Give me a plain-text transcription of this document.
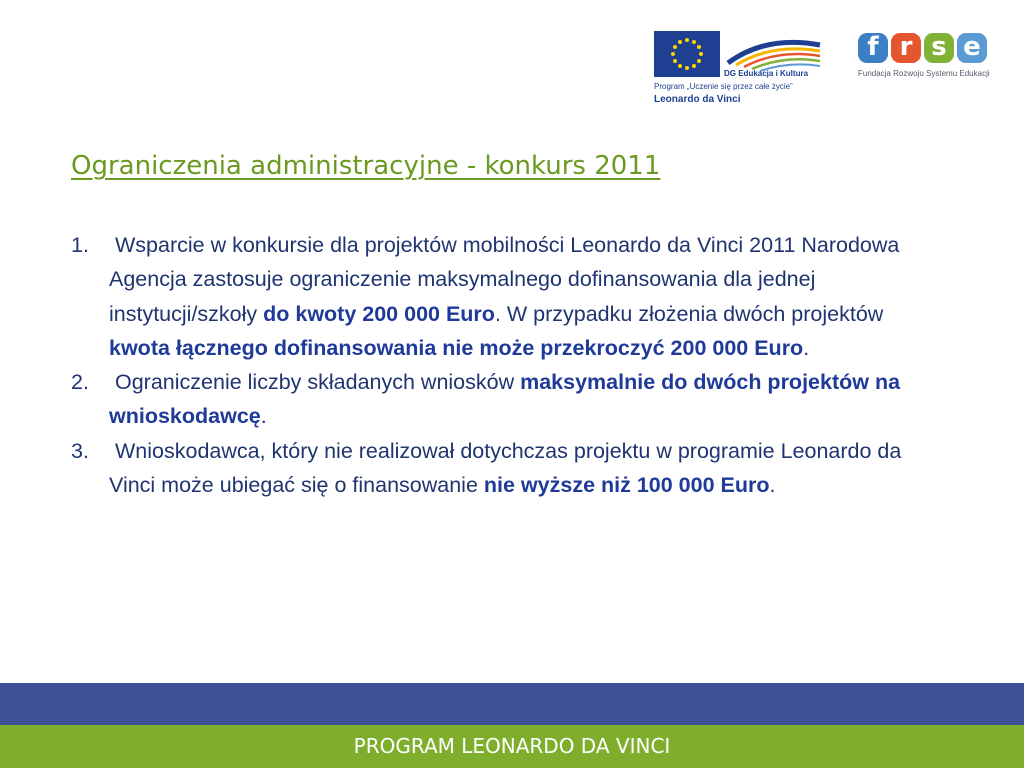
DG Edukacja i Kultura
Program „Uczenie się przez całe życie”
Leonardo da Vinci
f r s e
Fundacja Rozwoju Systemu Edukacji
Ograniczenia administracyjne - konkurs 2011
1. Wsparcie w konkursie dla projektów mobilności Leonardo da Vinci 2011 Narodowa Agencja zastosuje ograniczenie maksymalnego dofinansowania dla jednej instytucji/szkoły do kwoty 200 000 Euro. W przypadku złożenia dwóch projektów kwota łącznego dofinansowania nie może przekroczyć 200 000 Euro.
2. Ograniczenie liczby składanych wniosków maksymalnie do dwóch projektów na wnioskodawcę.
3. Wnioskodawca, który nie realizował dotychczas projektu w programie Leonardo da Vinci może ubiegać się o finansowanie nie wyższe niż 100 000 Euro.
PROGRAM LEONARDO DA VINCI
